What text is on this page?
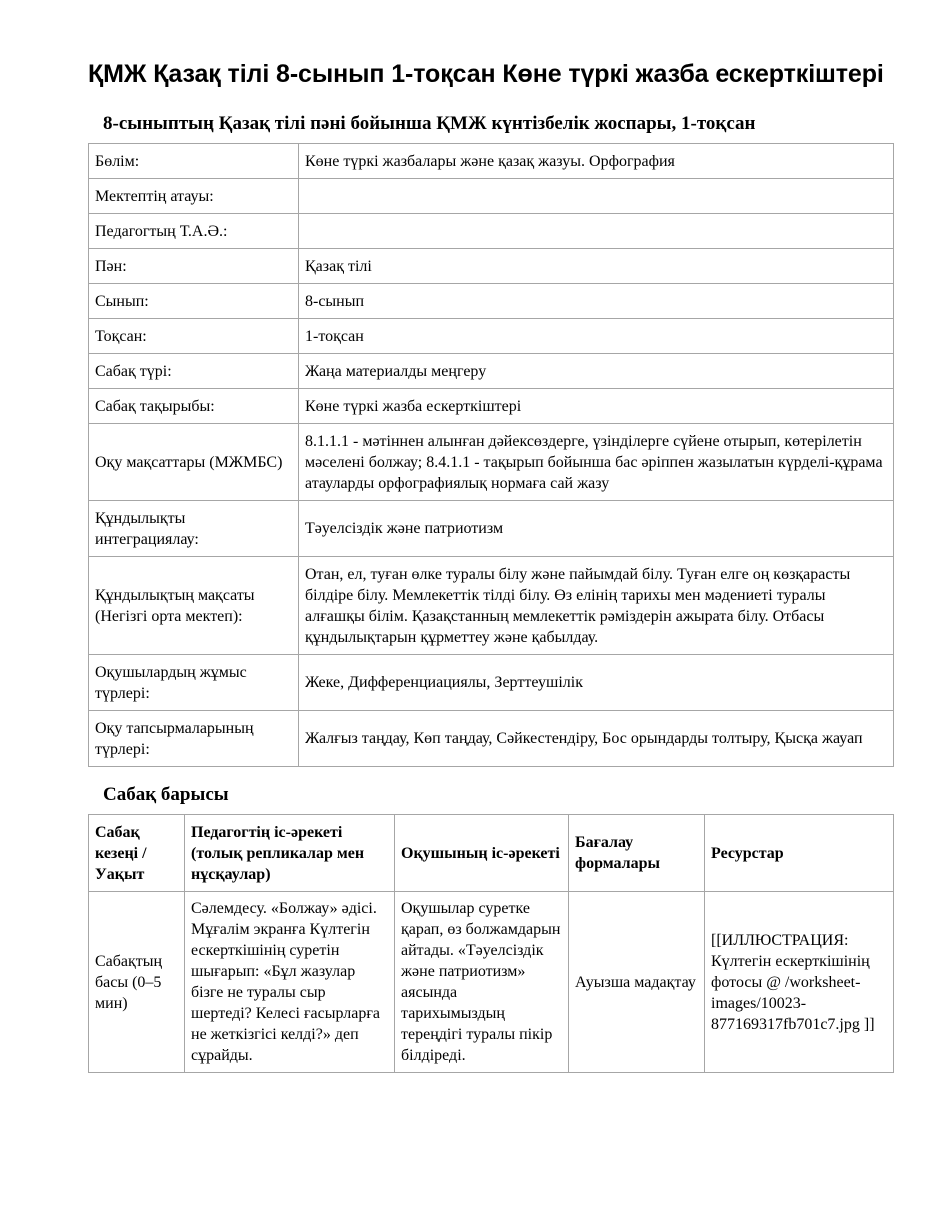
ҚМЖ Қазақ тілі 8-сынып 1-тоқсан Көне түркі жазба ескерткіштері
8-сыныптың Қазақ тілі пәні бойынша ҚМЖ күнтізбелік жоспары, 1-тоқсан
Бөлім:	Көне түркі жазбалары және қазақ жазуы. Орфография
Мектептің атауы:	
Педагогтың Т.А.Ә.:	
Пән:	Қазақ тілі
Сынып:	8-сынып
Тоқсан:	1-тоқсан
Сабақ түрі:	Жаңа материалды меңгеру
Сабақ тақырыбы:	Көне түркі жазба ескерткіштері
Оқу мақсаттары (МЖМБС)	8.1.1.1 - мәтіннен алынған дәйексөздерге, үзінділерге сүйене отырып, көтерілетін мәселені болжау; 8.4.1.1 - тақырып бойынша бас әріппен жазылатын күрделі-құрама атауларды орфографиялық нормаға сай жазу
Құндылықты интеграциялау:	Тәуелсіздік және патриотизм
Құндылықтың мақсаты (Негізгі орта мектеп):	Отан, ел, туған өлке туралы білу және пайымдай білу. Туған елге оң көзқарасты білдіре білу. Мемлекеттік тілді білу. Өз елінің тарихы мен мәдениеті туралы алғашқы білім. Қазақстанның мемлекеттік рәміздерін ажырата білу. Отбасы құндылықтарын құрметтеу және қабылдау.
Оқушылардың жұмыс түрлері:	Жеке, Дифференциациялы, Зерттеушілік
Оқу тапсырмаларының түрлері:	Жалғыз таңдау, Көп таңдау, Сәйкестендіру, Бос орындарды толтыру, Қысқа жауап
Сабақ барысы
Сабақ кезеңі / Уақыт	Педагогтің іс-әрекеті (толық репликалар мен нұсқаулар)	Оқушының іс-әрекеті	Бағалау формалары	Ресурстар
Сабақтың басы (0–5 мин)	Сәлемдесу. «Болжау» әдісі. Мұғалім экранға Күлтегін ескерткішінің суретін шығарып: «Бұл жазулар бізге не туралы сыр шертеді? Келесі ғасырларға не жеткізгісі келді?» деп сұрайды.	Оқушылар суретке қарап, өз болжамдарын айтады. «Тәуелсіздік және патриотизм» аясында тарихымыздың тереңдігі туралы пікір білдіреді.	Ауызша мадақтау	[[ИЛЛЮСТРАЦИЯ: Күлтегін ескерткішінің фотосы @ /worksheet-images/10023-877169317fb701c7.jpg ]]
